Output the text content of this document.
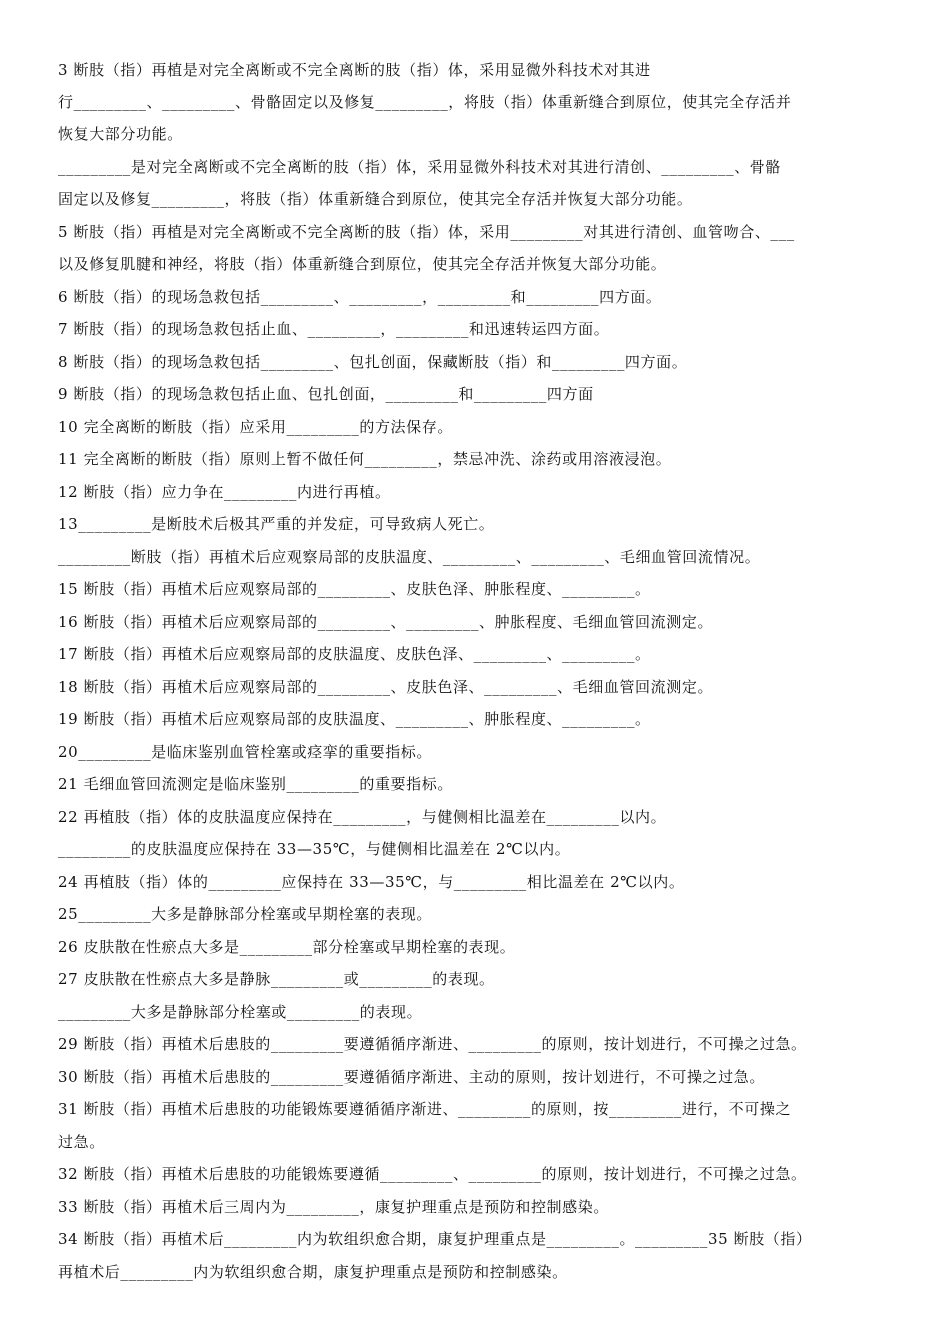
3 断肢（指）再植是对完全离断或不完全离断的肢（指）体，采用显微外科技术对其进
行_________、_________、骨骼固定以及修复_________，将肢（指）体重新缝合到原位，使其完全存活并
恢复大部分功能。
_________是对完全离断或不完全离断的肢（指）体，采用显微外科技术对其进行清创、_________、骨骼
固定以及修复_________，将肢（指）体重新缝合到原位，使其完全存活并恢复大部分功能。
5 断肢（指）再植是对完全离断或不完全离断的肢（指）体，采用_________对其进行清创、血管吻合、___
以及修复肌腱和神经，将肢（指）体重新缝合到原位，使其完全存活并恢复大部分功能。
6 断肢（指）的现场急救包括_________、_________，_________和_________四方面。
7 断肢（指）的现场急救包括止血、_________，_________和迅速转运四方面。
8 断肢（指）的现场急救包括_________、包扎创面，保藏断肢（指）和_________四方面。
9 断肢（指）的现场急救包括止血、包扎创面，_________和_________四方面
10 完全离断的断肢（指）应采用_________的方法保存。
11 完全离断的断肢（指）原则上暂不做任何_________，禁忌冲洗、涂药或用溶液浸泡。
12 断肢（指）应力争在_________内进行再植。
13_________是断肢术后极其严重的并发症，可导致病人死亡。
_________断肢（指）再植术后应观察局部的皮肤温度、_________、_________、毛细血管回流情况。
15 断肢（指）再植术后应观察局部的_________、皮肤色泽、肿胀程度、_________。
16 断肢（指）再植术后应观察局部的_________、_________、肿胀程度、毛细血管回流测定。
17 断肢（指）再植术后应观察局部的皮肤温度、皮肤色泽、_________、_________。
18 断肢（指）再植术后应观察局部的_________、皮肤色泽、_________、毛细血管回流测定。
19 断肢（指）再植术后应观察局部的皮肤温度、_________、肿胀程度、_________。
20_________是临床鉴别血管栓塞或痉挛的重要指标。
21 毛细血管回流测定是临床鉴别_________的重要指标。
22 再植肢（指）体的皮肤温度应保持在_________，与健侧相比温差在_________以内。
_________的皮肤温度应保持在 33—35℃，与健侧相比温差在 2℃以内。
24 再植肢（指）体的_________应保持在 33—35℃，与_________相比温差在 2℃以内。
25_________大多是静脉部分栓塞或早期栓塞的表现。
26 皮肤散在性瘀点大多是_________部分栓塞或早期栓塞的表现。
27 皮肤散在性瘀点大多是静脉_________或_________的表现。
_________大多是静脉部分栓塞或_________的表现。
29 断肢（指）再植术后患肢的_________要遵循循序渐进、_________的原则，按计划进行，不可操之过急。
30 断肢（指）再植术后患肢的_________要遵循循序渐进、主动的原则，按计划进行，不可操之过急。
31 断肢（指）再植术后患肢的功能锻炼要遵循循序渐进、_________的原则，按_________进行，不可操之
过急。
32 断肢（指）再植术后患肢的功能锻炼要遵循_________、_________的原则，按计划进行，不可操之过急。
33 断肢（指）再植术后三周内为_________，康复护理重点是预防和控制感染。
34 断肢（指）再植术后_________内为软组织愈合期，康复护理重点是_________。_________35 断肢（指）
再植术后_________内为软组织愈合期，康复护理重点是预防和控制感染。
